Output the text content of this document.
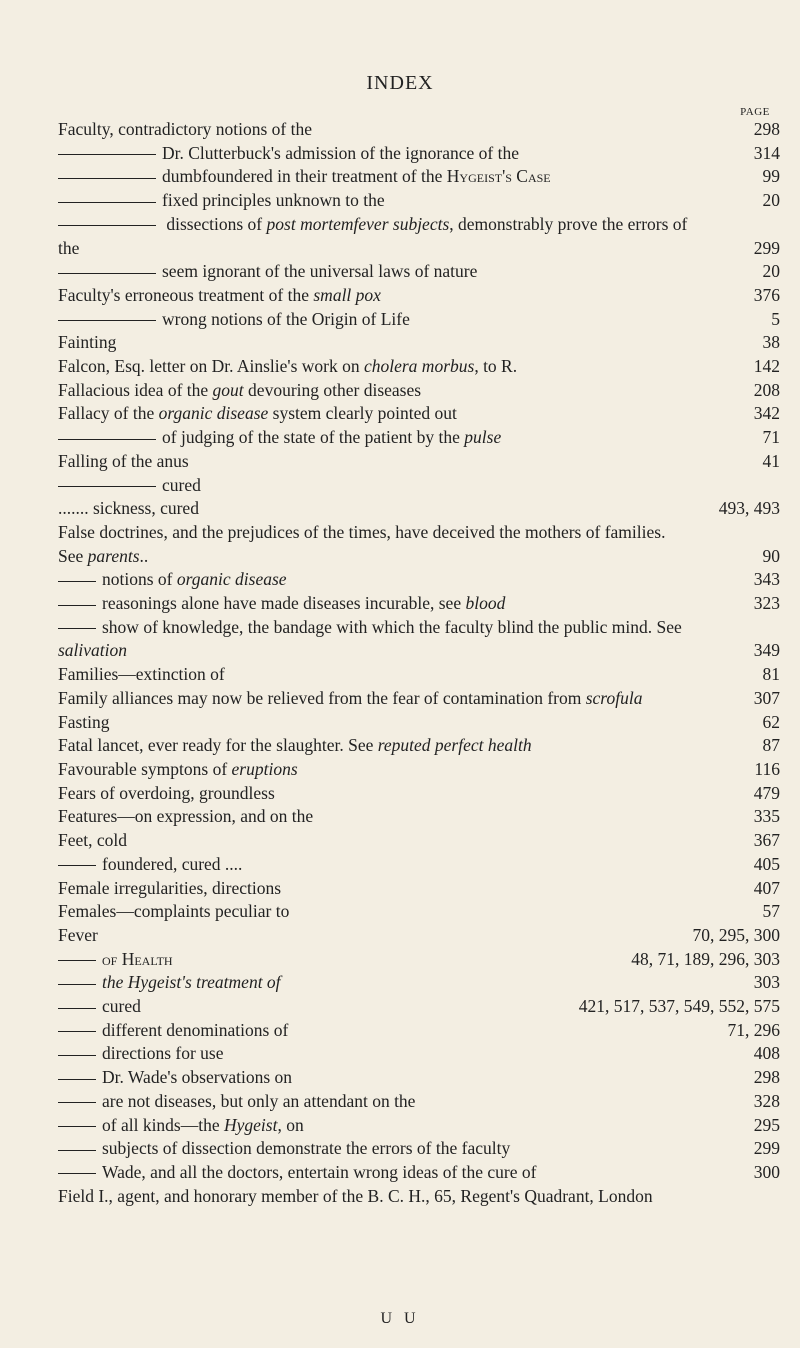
INDEX
PAGE
Faculty, contradictory notions of the	298
Dr. Clutterbuck's admission of the ignorance of the	314
dumbfoundered in their treatment of the Hygeist's Case	99
fixed principles unknown to the	20
dissections of post mortemfever subjects, demonstrably prove the errors of the	299
seem ignorant of the universal laws of nature	20
Faculty's erroneous treatment of the small pox	376
wrong notions of the Origin of Life	5
Fainting	38
Falcon, Esq. letter on Dr. Ainslie's work on cholera morbus, to R.	142
Fallacious idea of the gout devouring other diseases	208
Fallacy of the organic disease system clearly pointed out	342
of judging of the state of the patient by the pulse	71
Falling of the anus	41
cured
....... sickness, cured	493, 493
False doctrines, and the prejudices of the times, have deceived the mothers of families. See parents..	90
notions of organic disease	343
reasonings alone have made diseases incurable, see blood	323
show of knowledge, the bandage with which the faculty blind the public mind. See salivation	349
Families—extinction of	81
Family alliances may now be relieved from the fear of contamination from scrofula	307
Fasting	62
Fatal lancet, ever ready for the slaughter. See reputed perfect health	87
Favourable symptons of eruptions	116
Fears of overdoing, groundless	479
Features—on expression, and on the	335
Feet, cold	367
foundered, cured ....	405
Female irregularities, directions	407
Females—complaints peculiar to	57
Fever	70, 295, 300
of Health	48, 71, 189, 296, 303
the Hygeist's treatment of	303
cured	421, 517, 537, 549, 552, 575
different denominations of	71, 296
directions for use	408
Dr. Wade's observations on	298
are not diseases, but only an attendant on the	328
of all kinds—the Hygeist, on	295
subjects of dissection demonstrate the errors of the faculty	299
Wade, and all the doctors, entertain wrong ideas of the cure of	300
Field I., agent, and honorary member of the B. C. H., 65, Regent's Quadrant, London
U U
